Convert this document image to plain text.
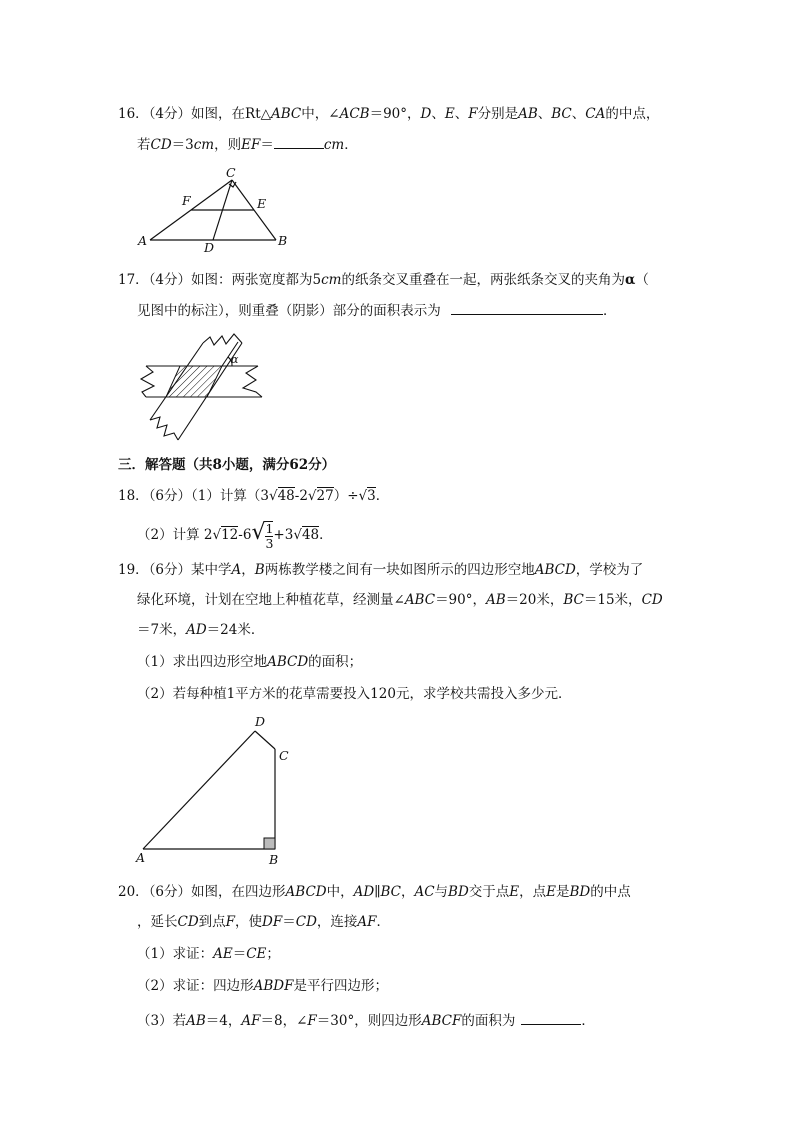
16．（4分）如图，在Rt△ABC中，∠ACB＝90°，D、E、F分别是AB、BC、CA的中点，
若CD＝3cm，则EF＝	cm．
C
F	E
A	D	B
17．（4分）如图：两张宽度都为5cm的纸条交叉重叠在一起，两张纸条交叉的夹角为α（
见图中的标注），则重叠（阴影）部分的面积表示为	．
α
三．解答题（共8小题，满分62分）
18．（6分）（1）计算（3√48-2√27）÷√3．
（2）计算 $2√12-6√ \frac{1}{3} +3√48$．
19．（6分）某中学A，B两栋教学楼之间有一块如图所示的四边形空地ABCD，学校为了
绿化环境，计划在空地上种植花草，经测量∠ABC＝90°，AB＝20米，BC＝15米，CD
＝7米，AD＝24米．
（1）求出四边形空地ABCD的面积；
（2）若每种植1平方米的花草需要投入120元，求学校共需投入多少元．
D
C
A	B
20．（6分）如图，在四边形ABCD中，AD∥BC，AC与BD交于点E，点E是BD的中点
，延长CD到点F，使DF＝CD，连接AF．
（1）求证：AE＝CE；
（2）求证：四边形ABDF是平行四边形；
（3）若AB＝4，AF＝8，∠F＝30°，则四边形ABCF的面积为	．
